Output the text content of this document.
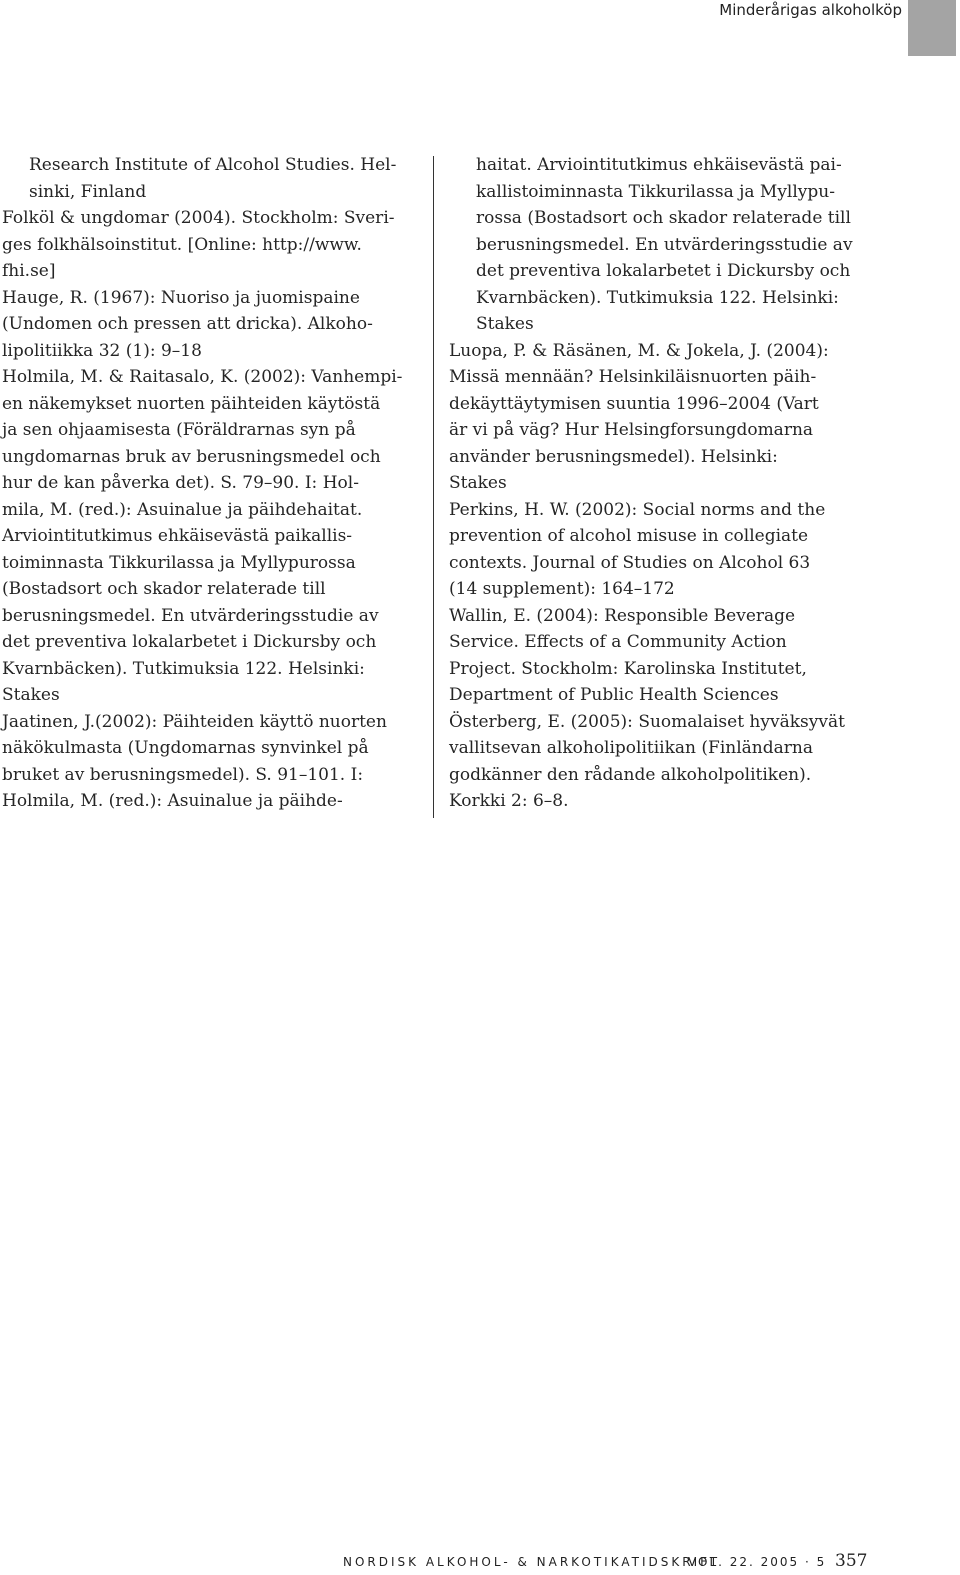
Minderårigas alkoholköp

Research Institute of Alcohol Studies. Hel-
sinki, Finland

Folköl & ungdomar (2004). Stockholm: Sveri-
ges folkhälsoinstitut. [Online: http://www.
fhi.se]

Hauge, R. (1967): Nuoriso ja juomispaine
(Undomen och pressen att dricka). Alkoho-
lipolitiikka 32 (1): 9–18

Holmila, M. & Raitasalo, K. (2002): Vanhempi-
en näkemykset nuorten päihteiden käytöstä
ja sen ohjaamisesta (Föräldrarnas syn på
ungdomarnas bruk av berusningsmedel och
hur de kan påverka det). S. 79–90. I: Hol-
mila, M. (red.): Asuinalue ja päihdehaitat.
Arviointitutkimus ehkäisevästä paikallis-
toiminnasta Tikkurilassa ja Myllypurossa
(Bostadsort och skador relaterade till
berusningsmedel. En utvärderingsstudie av
det preventiva lokalarbetet i Dickursby och
Kvarnbäcken). Tutkimuksia 122. Helsinki:
Stakes

Jaatinen, J.(2002): Päihteiden käyttö nuorten
näkökulmasta (Ungdomarnas synvinkel på
bruket av berusningsmedel). S. 91–101. I:
Holmila, M. (red.): Asuinalue ja päihde-

haitat. Arviointitutkimus ehkäisevästä pai-
kallistoiminnasta Tikkurilassa ja Myllypu-
rossa (Bostadsort och skador relaterade till
berusningsmedel. En utvärderingsstudie av
det preventiva lokalarbetet i Dickursby och
Kvarnbäcken). Tutkimuksia 122. Helsinki:
Stakes

Luopa, P. & Räsänen, M. & Jokela, J. (2004):
Missä mennään? Helsinkiläisnuorten päih-
dekäyttäytymisen suuntia 1996–2004 (Vart
är vi på väg? Hur Helsingforsungdomarna
använder berusningsmedel). Helsinki:
Stakes

Perkins, H. W. (2002): Social norms and the
prevention of alcohol misuse in collegiate
contexts. Journal of Studies on Alcohol 63
(14 supplement): 164–172

Wallin, E. (2004): Responsible Beverage
Service. Effects of a Community Action
Project. Stockholm: Karolinska Institutet,
Department of Public Health Sciences

Österberg, E. (2005): Suomalaiset hyväksyvät
vallitsevan alkoholipolitiikan (Finländarna
godkänner den rådande alkoholpolitiken).
Korkki 2: 6–8.

NORDISK ALKOHOL- & NARKOTIKATIDSKRIFT
VOL. 22. 2005 · 5 357
